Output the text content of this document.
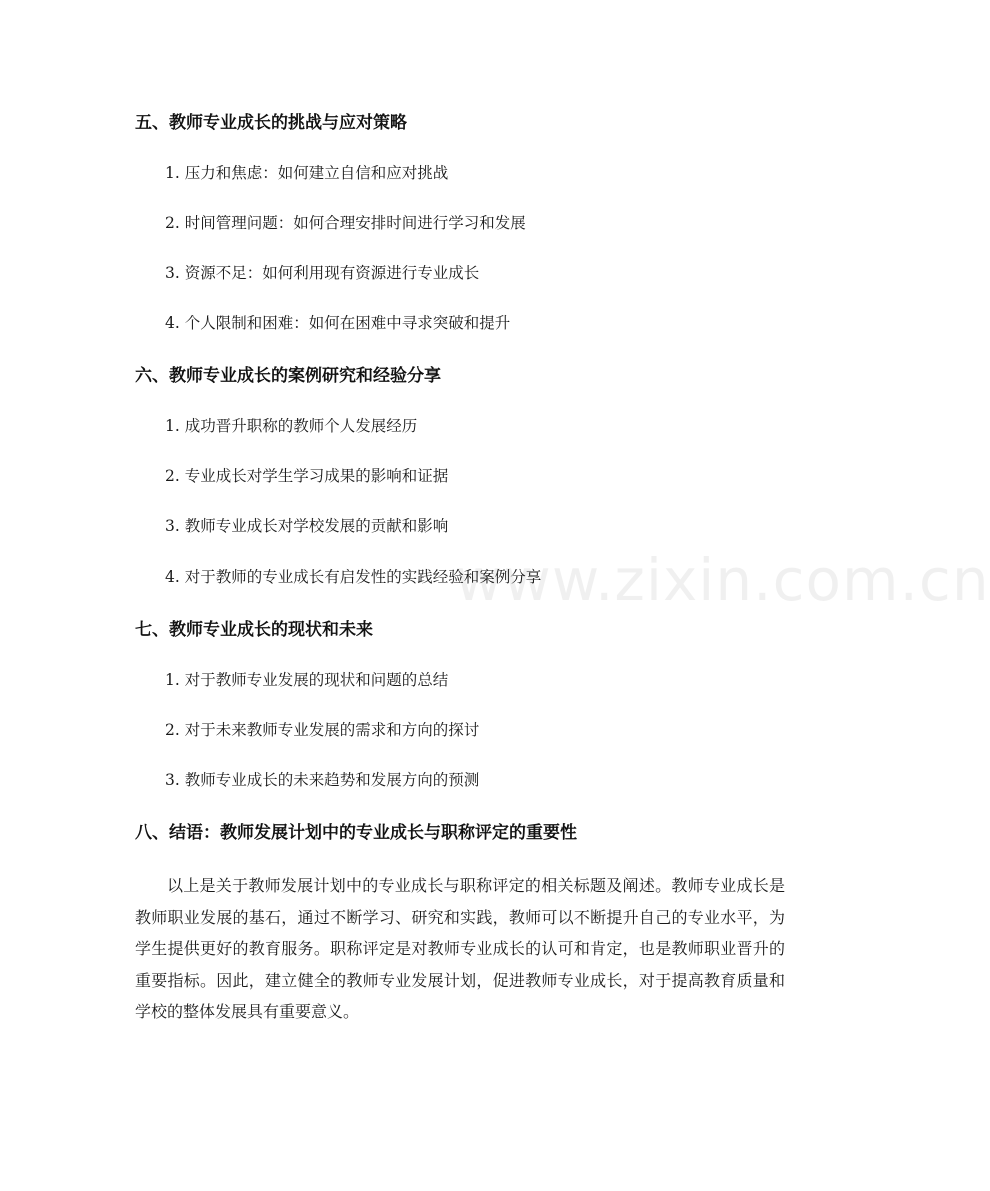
五、教师专业成长的挑战与应对策略
1. 压力和焦虑：如何建立自信和应对挑战
2. 时间管理问题：如何合理安排时间进行学习和发展
3. 资源不足：如何利用现有资源进行专业成长
4. 个人限制和困难：如何在困难中寻求突破和提升
六、教师专业成长的案例研究和经验分享
1. 成功晋升职称的教师个人发展经历
2. 专业成长对学生学习成果的影响和证据
3. 教师专业成长对学校发展的贡献和影响
4. 对于教师的专业成长有启发性的实践经验和案例分享
七、教师专业成长的现状和未来
1. 对于教师专业发展的现状和问题的总结
2. 对于未来教师专业发展的需求和方向的探讨
3. 教师专业成长的未来趋势和发展方向的预测
八、结语：教师发展计划中的专业成长与职称评定的重要性
以上是关于教师发展计划中的专业成长与职称评定的相关标题及阐述。教师专业成长是教师职业发展的基石，通过不断学习、研究和实践，教师可以不断提升自己的专业水平，为学生提供更好的教育服务。职称评定是对教师专业成长的认可和肯定，也是教师职业晋升的重要指标。因此，建立健全的教师专业发展计划，促进教师专业成长，对于提高教育质量和学校的整体发展具有重要意义。
www.zixin.com.cn
